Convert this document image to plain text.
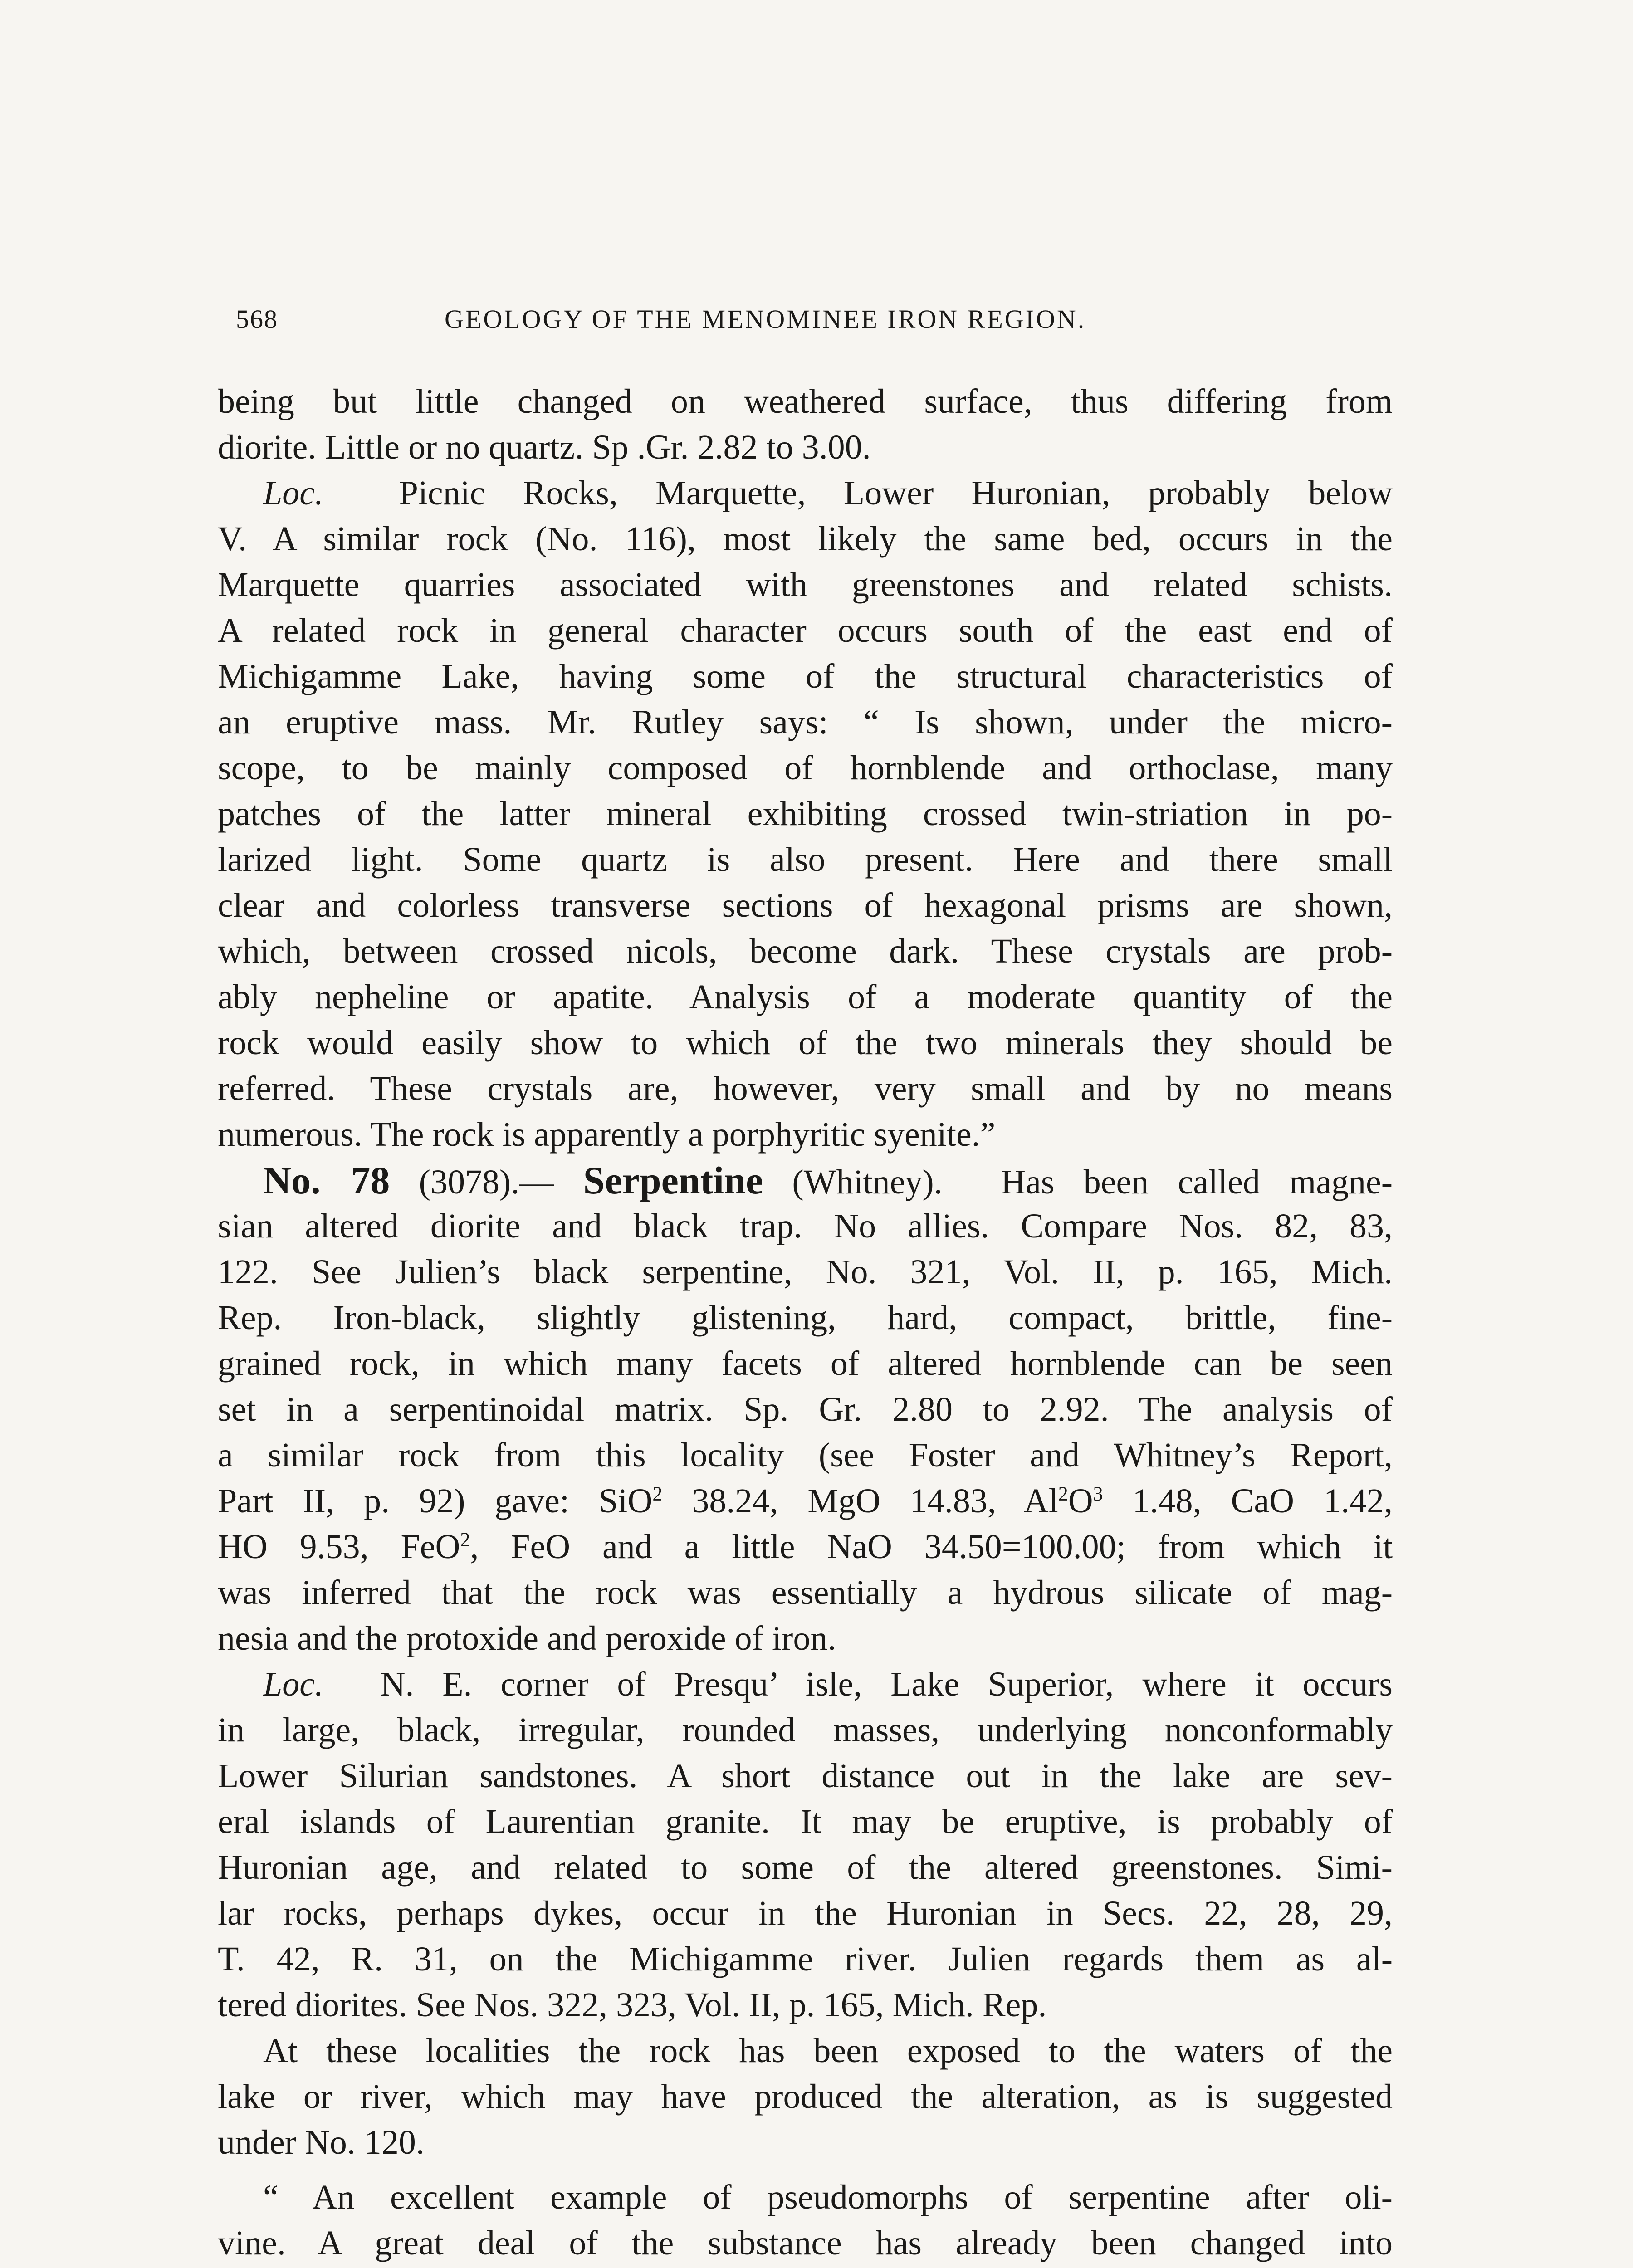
568	GEOLOGY OF THE MENOMINEE IRON REGION.
being but little changed on weathered surface, thus differing from
diorite. Little or no quartz. Sp .Gr. 2.82 to 3.00.
Loc. Picnic Rocks, Marquette, Lower Huronian, probably below
V. A similar rock (No. 116), most likely the same bed, occurs in the
Marquette quarries associated with greenstones and related schists.
A related rock in general character occurs south of the east end of
Michigamme Lake, having some of the structural characteristics of
an eruptive mass. Mr. Rutley says: “ Is shown, under the micro-
scope, to be mainly composed of hornblende and orthoclase, many
patches of the latter mineral exhibiting crossed twin-striation in po-
larized light. Some quartz is also present. Here and there small
clear and colorless transverse sections of hexagonal prisms are shown,
which, between crossed nicols, become dark. These crystals are prob-
ably nepheline or apatite. Analysis of a moderate quantity of the
rock would easily show to which of the two minerals they should be
referred. These crystals are, however, very small and by no means
numerous. The rock is apparently a porphyritic syenite.”
No. 78 (3078).— Serpentine (Whitney). Has been called magne-
sian altered diorite and black trap. No allies. Compare Nos. 82, 83,
122. See Julien’s black serpentine, No. 321, Vol. II, p. 165, Mich.
Rep. Iron-black, slightly glistening, hard, compact, brittle, fine-
grained rock, in which many facets of altered hornblende can be seen
set in a serpentinoidal matrix. Sp. Gr. 2.80 to 2.92. The analysis of
a similar rock from this locality (see Foster and Whitney’s Report,
Part II, p. 92) gave: SiO$^2$ 38.24, MgO 14.83, $Al^2O^3$ 1.48, CaO 1.42,
HO 9.53, FeO$^2$, FeO and a little NaO 34.50=100.00; from which it
was inferred that the rock was essentially a hydrous silicate of mag-
nesia and the protoxide and peroxide of iron.
Loc. N. E. corner of Presqu’ isle, Lake Superior, where it occurs
in large, black, irregular, rounded masses, underlying nonconformably
Lower Silurian sandstones. A short distance out in the lake are sev-
eral islands of Laurentian granite. It may be eruptive, is probably of
Huronian age, and related to some of the altered greenstones. Simi-
lar rocks, perhaps dykes, occur in the Huronian in Secs. 22, 28, 29,
T. 42, R. 31, on the Michigamme river. Julien regards them as al-
tered diorites. See Nos. 322, 323, Vol. II, p. 165, Mich. Rep.
At these localities the rock has been exposed to the waters of the
lake or river, which may have produced the alteration, as is suggested
under No. 120.
“ An excellent example of pseudomorphs of serpentine after oli-
vine. A great deal of the substance has already been changed into
